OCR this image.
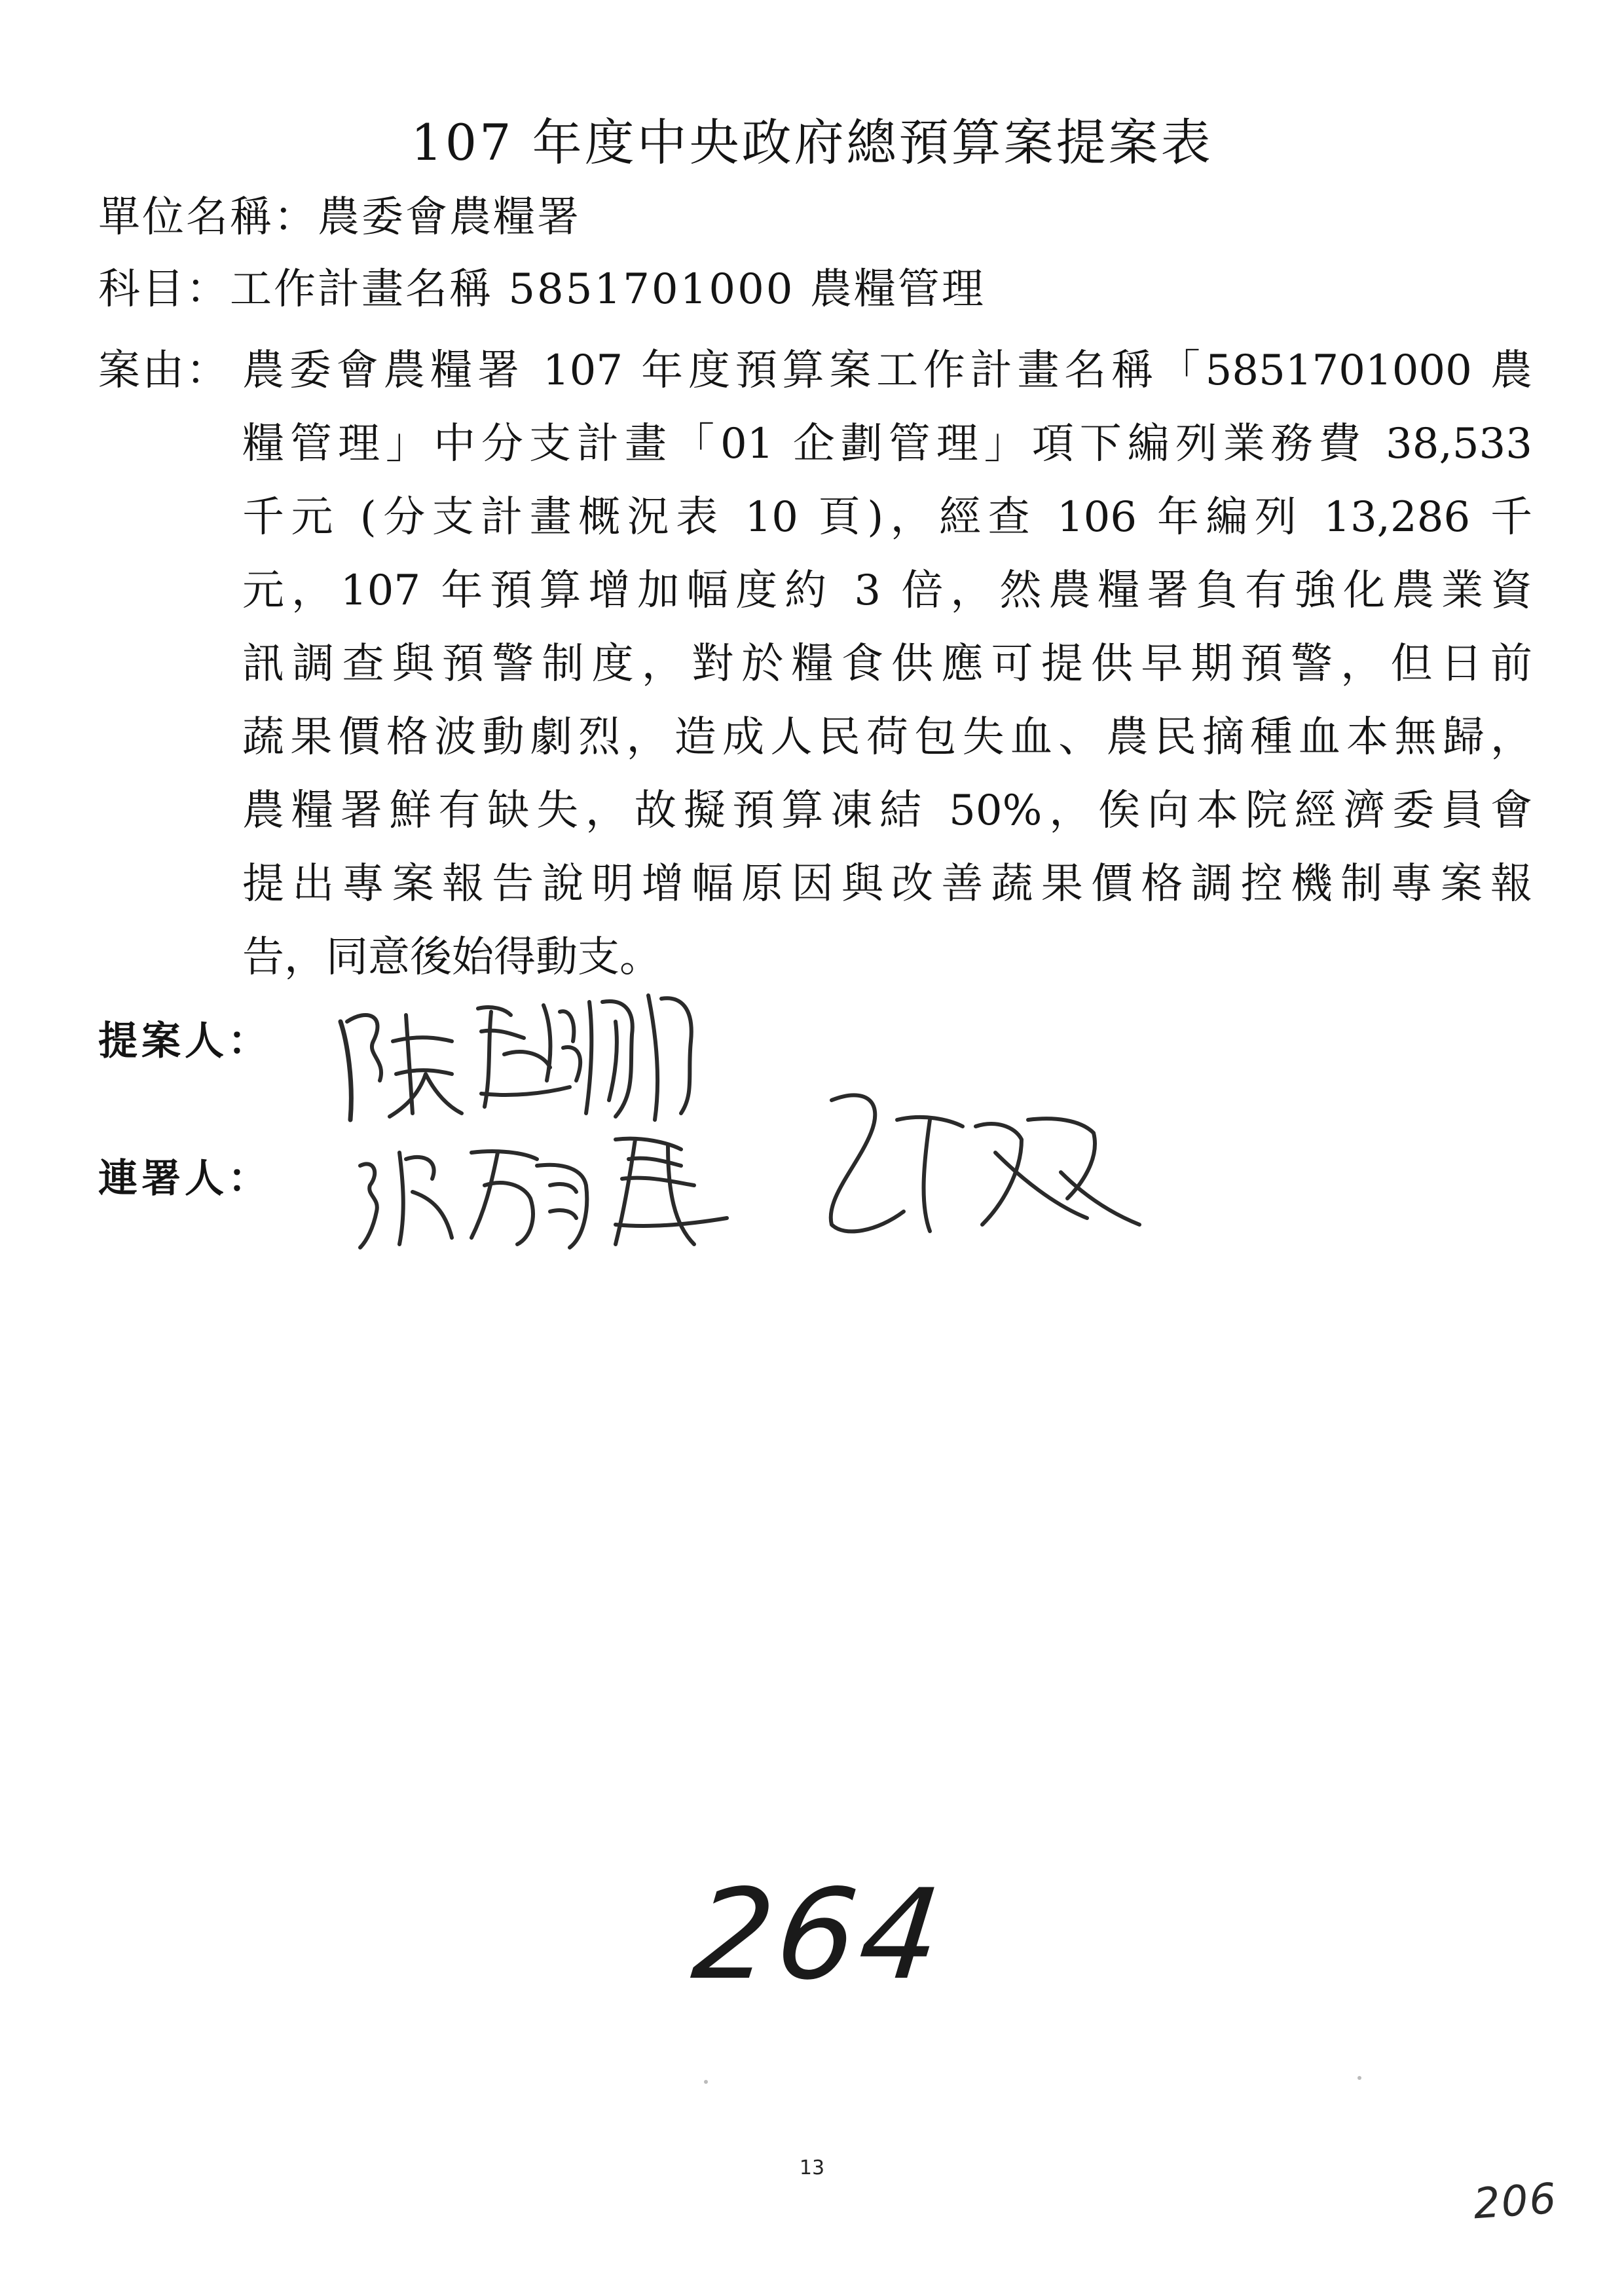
107 年度中央政府總預算案提案表
單位名稱：農委會農糧署
科目：工作計畫名稱 5851701000 農糧管理
案由： 農委會農糧署 107 年度預算案工作計畫名稱「5851701000 農
糧管理」中分支計畫「01 企劃管理」項下編列業務費 38,533
千元 (分支計畫概況表 10 頁)，經查 106 年編列 13,286 千
元，107 年預算增加幅度約 3 倍，然農糧署負有強化農業資
訊調查與預警制度，對於糧食供應可提供早期預警，但日前
蔬果價格波動劇烈，造成人民荷包失血、農民摘種血本無歸，
農糧署鮮有缺失，故擬預算凍結 50%，俟向本院經濟委員會
提出專案報告說明增幅原因與改善蔬果價格調控機制專案報
告，同意後始得動支。
提案人：
連署人：
264
13
206
